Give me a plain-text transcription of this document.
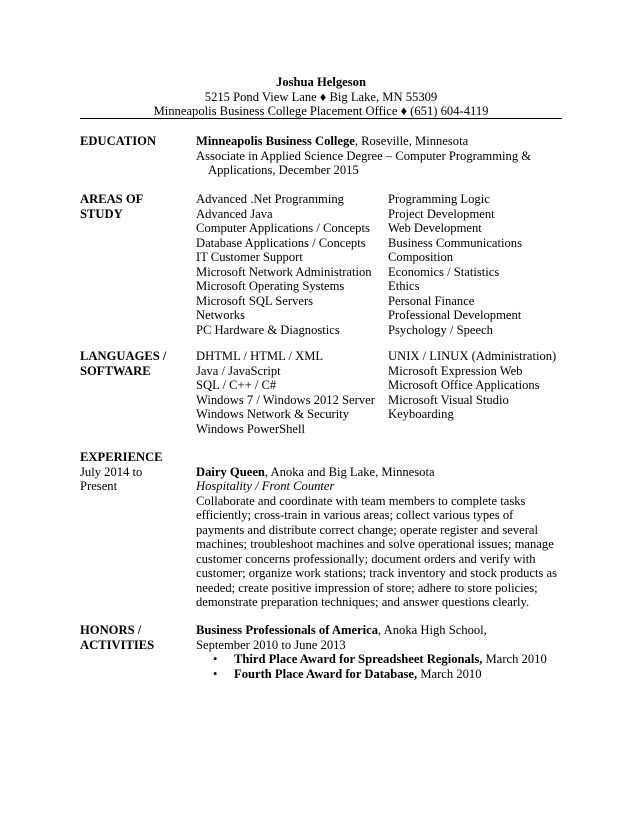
Joshua Helgeson
5215 Pond View Lane ♦ Big Lake, MN 55309
Minneapolis Business College Placement Office ♦ (651) 604-4119
EDUCATION	Minneapolis Business College, Roseville, Minnesota
Associate in Applied Science Degree – Computer Programming &
Applications, December 2015
AREAS OF
STUDY
Advanced .Net Programming
Advanced Java
Computer Applications / Concepts
Database Applications / Concepts
IT Customer Support
Microsoft Network Administration
Microsoft Operating Systems
Microsoft SQL Servers
Networks
PC Hardware & Diagnostics
Programming Logic
Project Development
Web Development
Business Communications
Composition
Economics / Statistics
Ethics
Personal Finance
Professional Development
Psychology / Speech
LANGUAGES /
SOFTWARE
DHTML / HTML / XML
Java / JavaScript
SQL / C++ / C#
Windows 7 / Windows 2012 Server
Windows Network & Security
Windows PowerShell
UNIX / LINUX (Administration)
Microsoft Expression Web
Microsoft Office Applications
Microsoft Visual Studio
Keyboarding
EXPERIENCE
July 2014 to
Present
Dairy Queen, Anoka and Big Lake, Minnesota
Hospitality / Front Counter
Collaborate and coordinate with team members to complete tasks efficiently; cross-train in various areas; collect various types of payments and distribute correct change; operate register and several machines; troubleshoot machines and solve operational issues; manage customer concerns professionally; document orders and verify with customer; organize work stations; track inventory and stock products as needed; create positive impression of store; adhere to store policies; demonstrate preparation techniques; and answer questions clearly.
HONORS /
ACTIVITIES
Business Professionals of America, Anoka High School,
September 2010 to June 2013
• Third Place Award for Spreadsheet Regionals, March 2010
• Fourth Place Award for Database, March 2010
